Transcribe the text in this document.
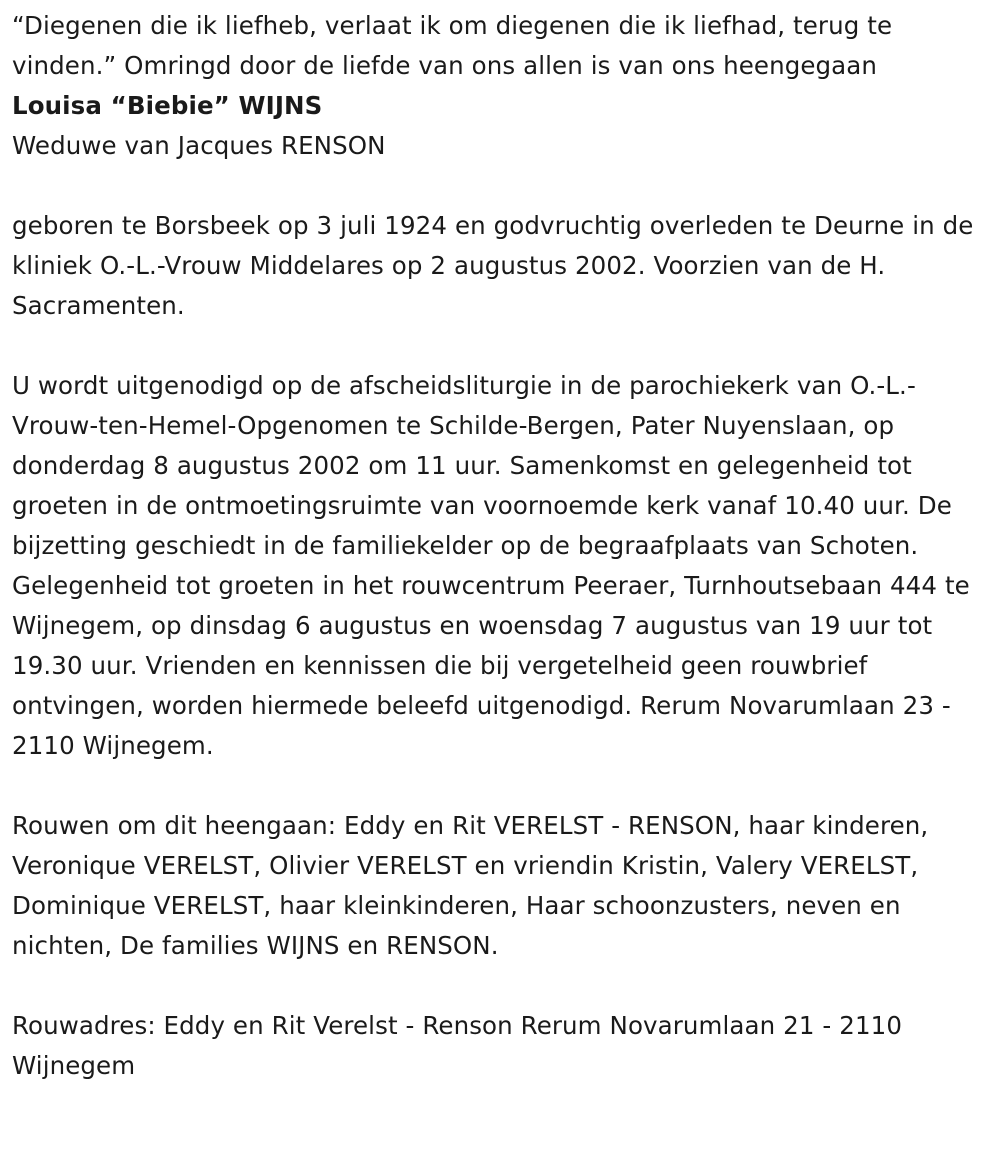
“Diegenen die ik liefheb, verlaat ik om diegenen die ik liefhad, terug te vinden.” Omringd door de liefde van ons allen is van ons heengegaan

Louisa “Biebie” WIJNS

Weduwe van Jacques RENSON

geboren te Borsbeek op 3 juli 1924 en godvruchtig overleden te Deurne in de kliniek O.-L.-Vrouw Middelares op 2 augustus 2002. Voorzien van de H. Sacramenten.

U wordt uitgenodigd op de afscheidsliturgie in de parochiekerk van O.-L.-Vrouw-ten-Hemel-Opgenomen te Schilde-Bergen, Pater Nuyenslaan, op donderdag 8 augustus 2002 om 11 uur. Samenkomst en gelegenheid tot groeten in de ontmoetingsruimte van voornoemde kerk vanaf 10.40 uur. De bijzetting geschiedt in de familiekelder op de begraafplaats van Schoten. Gelegenheid tot groeten in het rouwcentrum Peeraer, Turnhoutsebaan 444 te Wijnegem, op dinsdag 6 augustus en woensdag 7 augustus van 19 uur tot 19.30 uur. Vrienden en kennissen die bij vergetelheid geen rouwbrief ontvingen, worden hiermede beleefd uitgenodigd. Rerum Novarumlaan 23 - 2110 Wijnegem.

Rouwen om dit heengaan: Eddy en Rit VERELST - RENSON, haar kinderen, Veronique VERELST, Olivier VERELST en vriendin Kristin, Valery VERELST, Dominique VERELST, haar kleinkinderen, Haar schoonzusters, neven en nichten, De families WIJNS en RENSON.

Rouwadres: Eddy en Rit Verelst - Renson Rerum Novarumlaan 21 - 2110 Wijnegem
